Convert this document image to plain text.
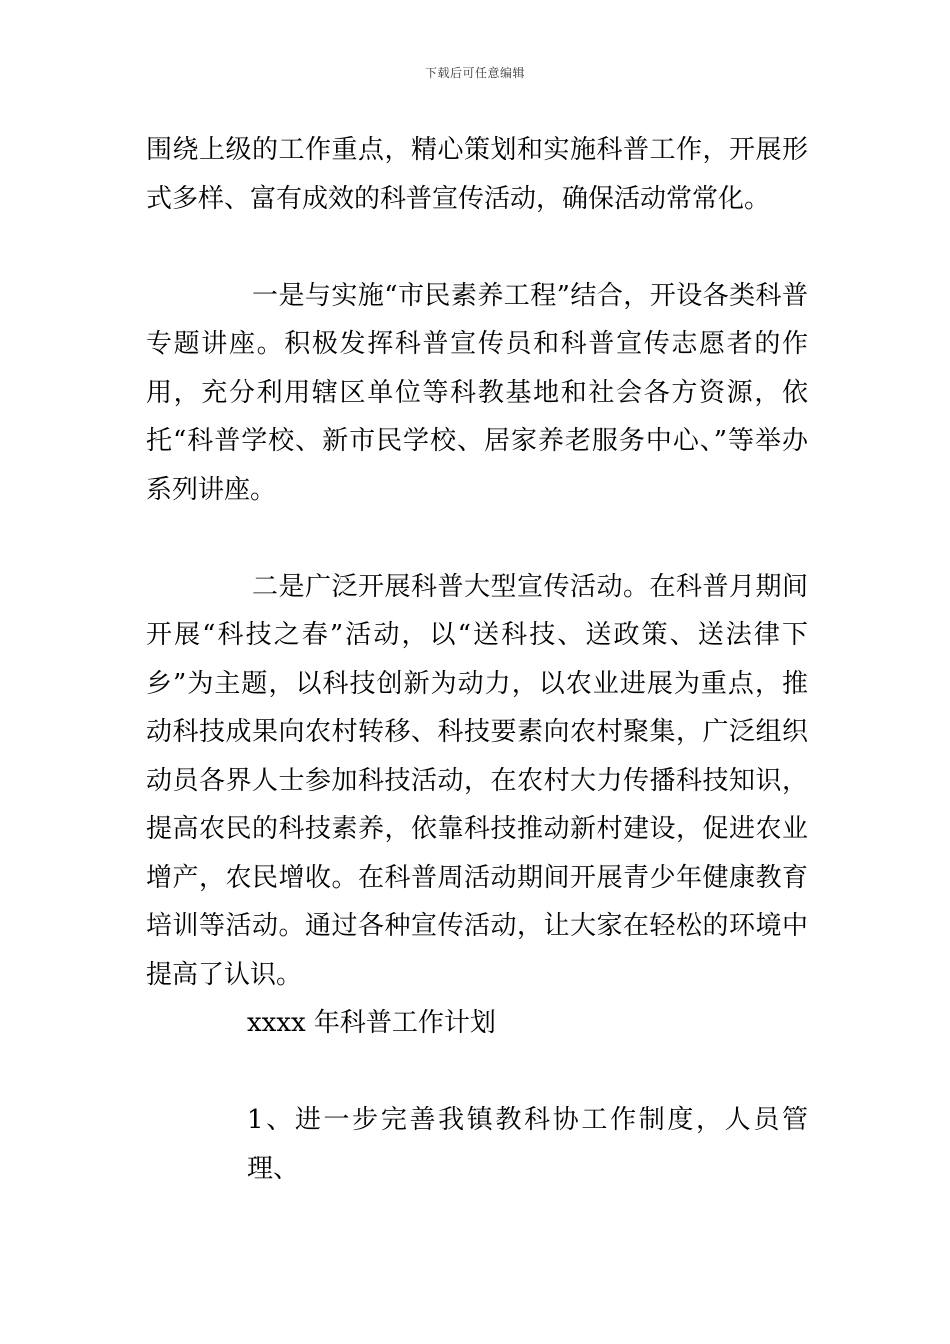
下载后可任意编辑

围绕上级的工作重点，精心策划和实施科普工作，开展形式多样、富有成效的科普宣传活动，确保活动常常化。

一是与实施“市民素养工程”结合，开设各类科普专题讲座。积极发挥科普宣传员和科普宣传志愿者的作用，充分利用辖区单位等科教基地和社会各方资源，依托“科普学校、新市民学校、居家养老服务中心、”等举办系列讲座。

二是广泛开展科普大型宣传活动。在科普月期间开展“科技之春”活动，以“送科技、送政策、送法律下乡”为主题，以科技创新为动力，以农业进展为重点，推动科技成果向农村转移、科技要素向农村聚集，广泛组织动员各界人士参加科技活动，在农村大力传播科技知识，提高农民的科技素养，依靠科技推动新村建设，促进农业增产，农民增收。在科普周活动期间开展青少年健康教育培训等活动。通过各种宣传活动，让大家在轻松的环境中提高了认识。

xxxx 年科普工作计划

1、进一步完善我镇教科协工作制度，人员管理、
